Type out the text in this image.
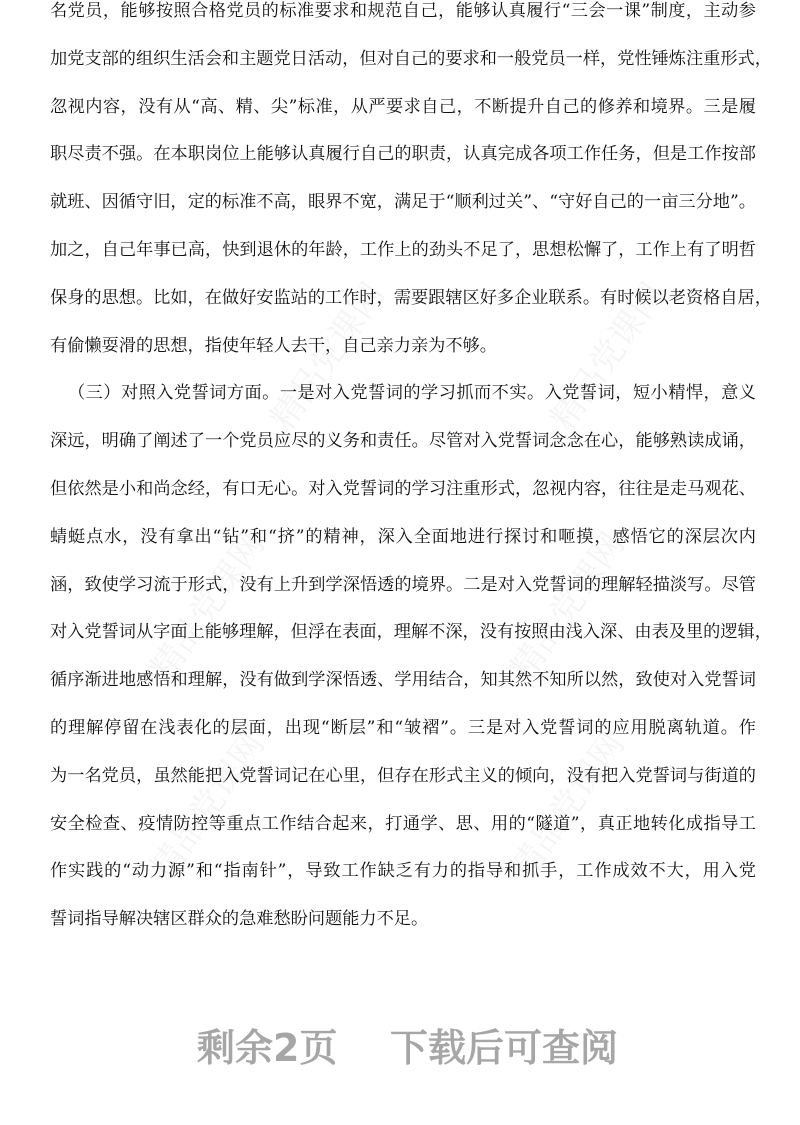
精品党课网	精品党课网
精品党课网	精品党课网
精品党课网	精品党课网
名党员，能够按照合格党员的标准要求和规范自己，能够认真履行“三会一课”制度，主动参
加党支部的组织生活会和主题党日活动，但对自己的要求和一般党员一样，党性锤炼注重形式，
忽视内容，没有从“高、精、尖”标准，从严要求自己，不断提升自己的修养和境界。三是履
职尽责不强。在本职岗位上能够认真履行自己的职责，认真完成各项工作任务，但是工作按部
就班、因循守旧，定的标准不高，眼界不宽，满足于“顺利过关”、“守好自己的一亩三分地”。
加之，自己年事已高，快到退休的年龄，工作上的劲头不足了，思想松懈了，工作上有了明哲
保身的思想。比如，在做好安监站的工作时，需要跟辖区好多企业联系。有时候以老资格自居，
有偷懒耍滑的思想，指使年轻人去干，自己亲力亲为不够。
（三）对照入党誓词方面。一是对入党誓词的学习抓而不实。入党誓词，短小精悍，意义
深远，明确了阐述了一个党员应尽的义务和责任。尽管对入党誓词念念在心，能够熟读成诵，
但依然是小和尚念经，有口无心。对入党誓词的学习注重形式，忽视内容，往往是走马观花、
蜻蜓点水，没有拿出“钻”和“挤”的精神，深入全面地进行探讨和咂摸，感悟它的深层次内
涵，致使学习流于形式，没有上升到学深悟透的境界。二是对入党誓词的理解轻描淡写。尽管
对入党誓词从字面上能够理解，但浮在表面，理解不深，没有按照由浅入深、由表及里的逻辑，
循序渐进地感悟和理解，没有做到学深悟透、学用结合，知其然不知所以然，致使对入党誓词
的理解停留在浅表化的层面，出现“断层”和“皱褶”。三是对入党誓词的应用脱离轨道。作
为一名党员，虽然能把入党誓词记在心里，但存在形式主义的倾向，没有把入党誓词与街道的
安全检查、疫情防控等重点工作结合起来，打通学、思、用的“隧道”，真正地转化成指导工
作实践的“动力源”和“指南针”，导致工作缺乏有力的指导和抓手，工作成效不大，用入党
誓词指导解决辖区群众的急难愁盼问题能力不足。
剩余2页 下载后可查阅
